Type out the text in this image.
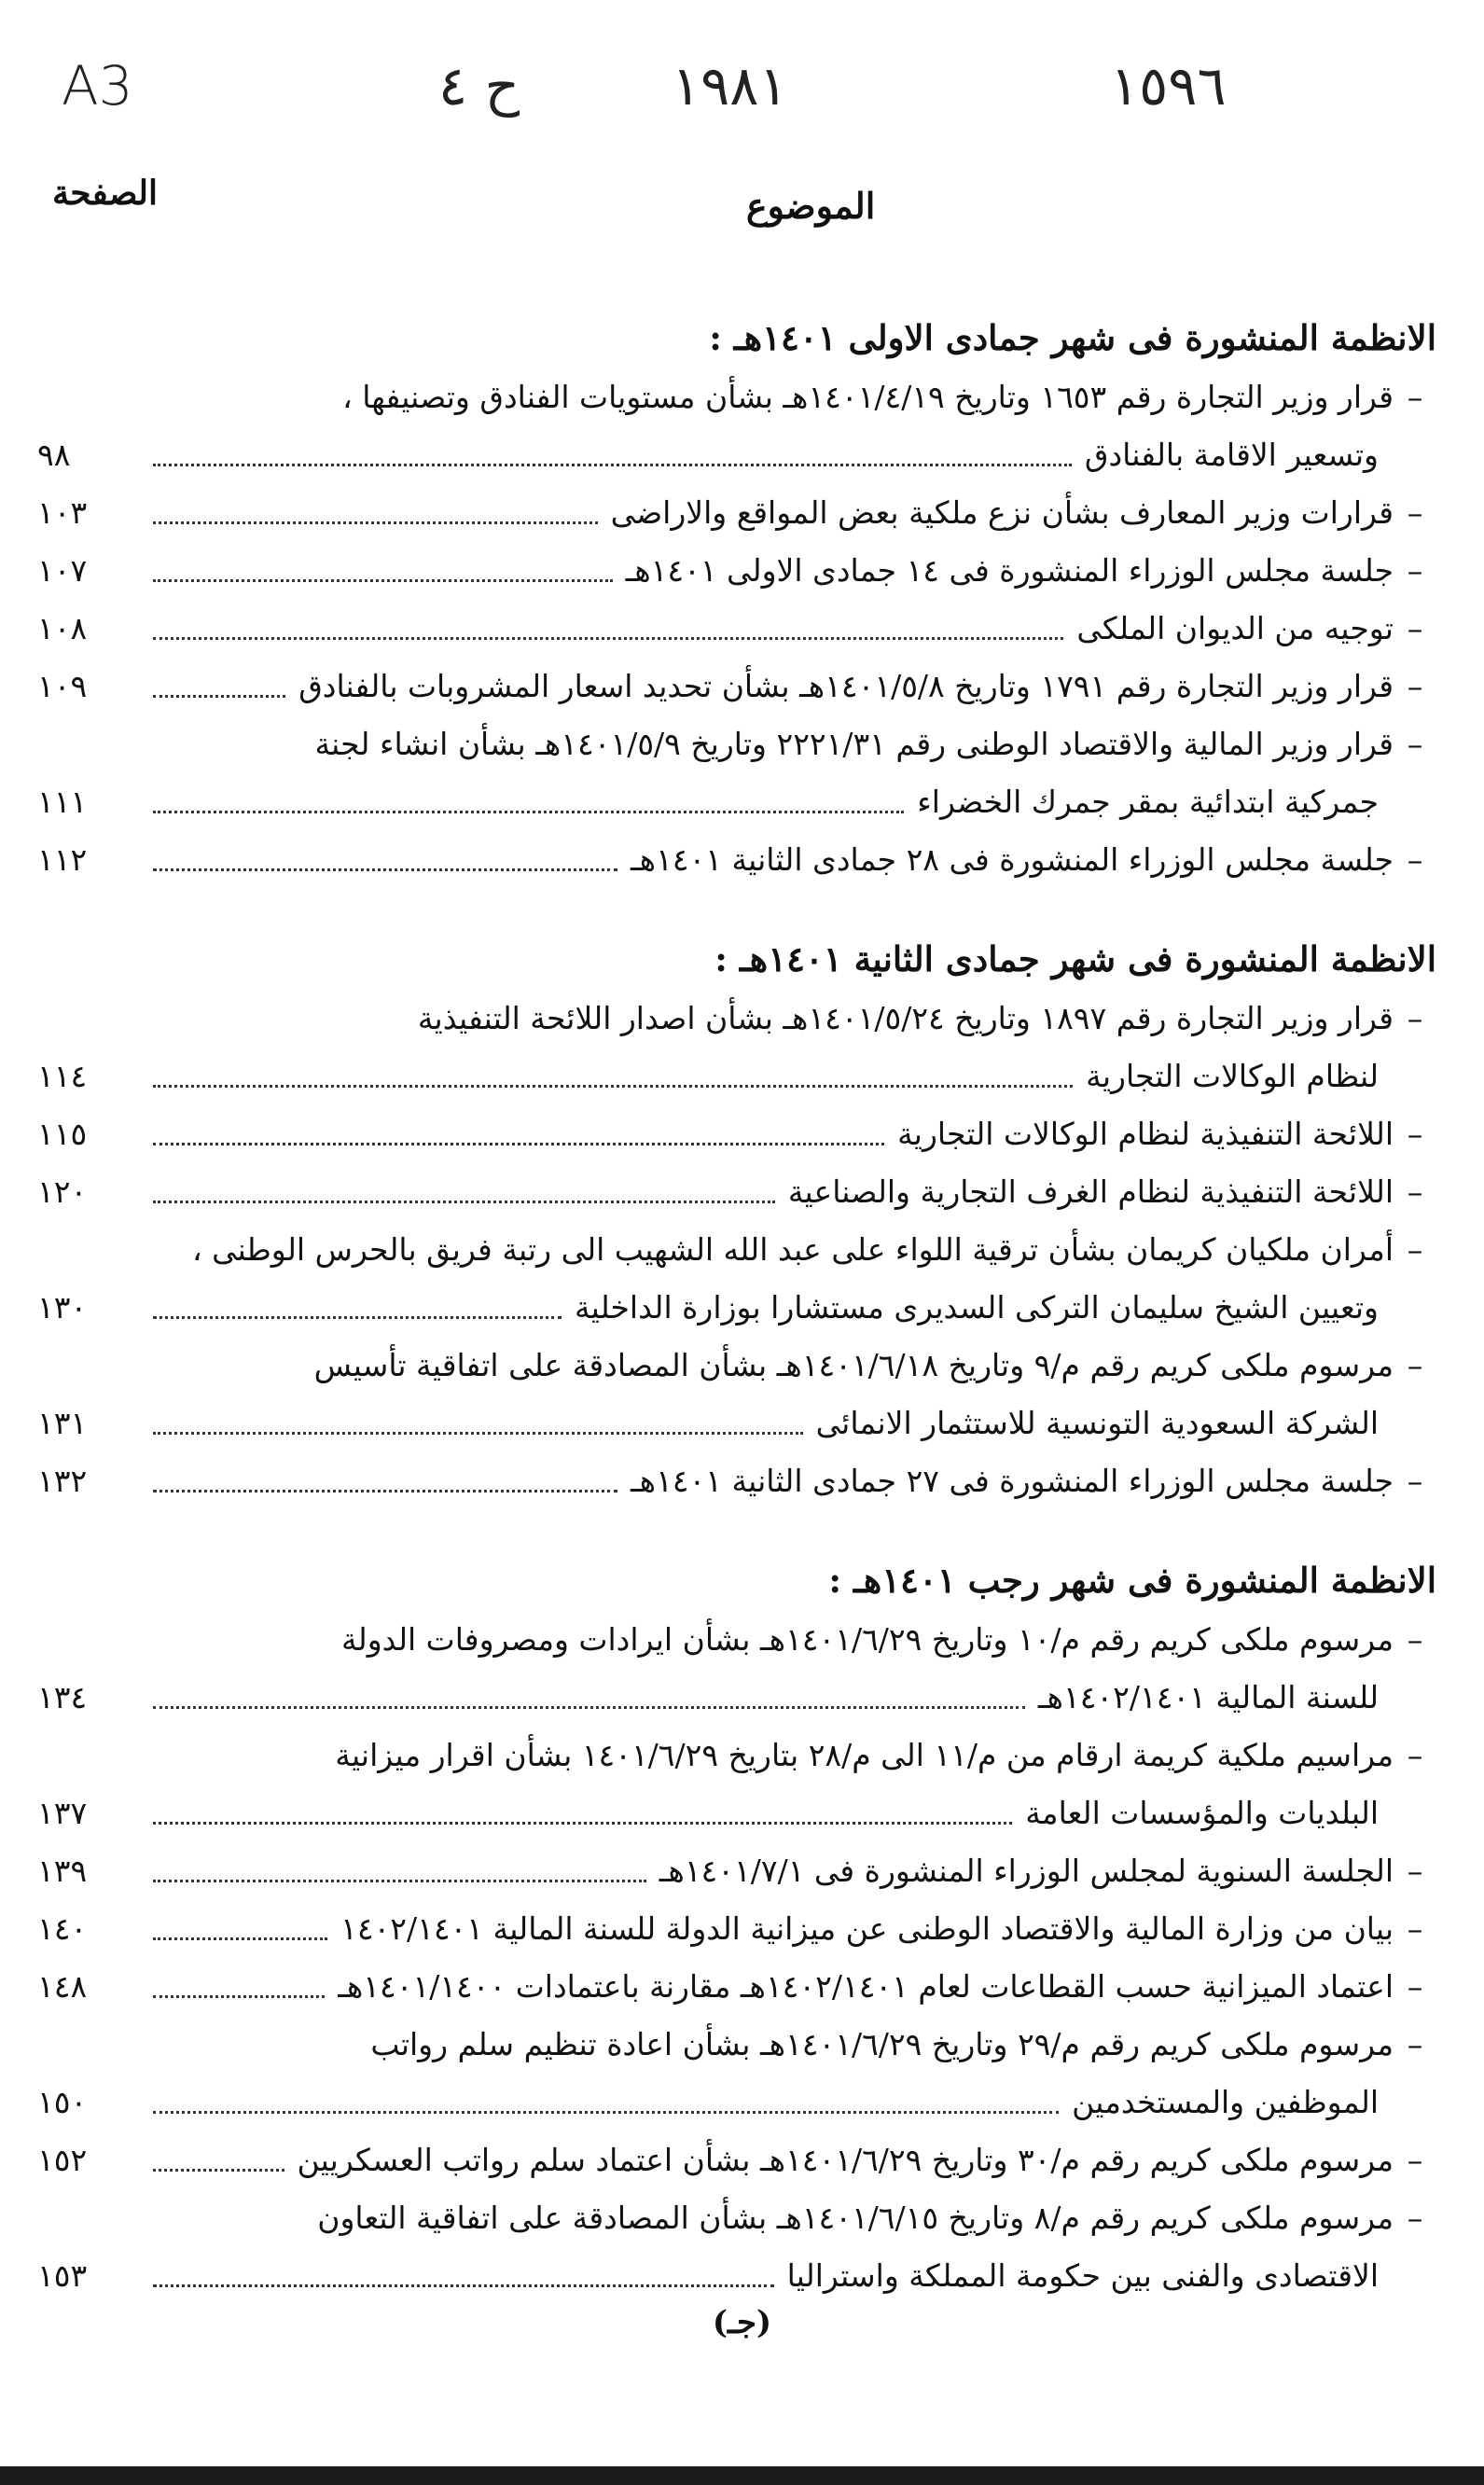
A3	ح ٤	١٩٨١	١٥٩٦
الصفحة	الموضوع
الانظمة المنشورة فى شهر جمادى الاولى ١٤٠١هـ :
–
قرار وزير التجارة رقم ١٦٥٣ وتاريخ ١٤٠١/٤/١٩هـ بشأن مستويات الفنادق وتصنيفها ،
وتسعير الاقامة بالفنادق
٩٨
–
قرارات وزير المعارف بشأن نزع ملكية بعض المواقع والاراضى
١٠٣
–
جلسة مجلس الوزراء المنشورة فى ١٤ جمادى الاولى ١٤٠١هـ
١٠٧
–
توجيه من الديوان الملكى
١٠٨
–
قرار وزير التجارة رقم ١٧٩١ وتاريخ ١٤٠١/٥/٨هـ بشأن تحديد اسعار المشروبات بالفنادق
١٠٩
–
قرار وزير المالية والاقتصاد الوطنى رقم ٢٢٢١/٣١ وتاريخ ١٤٠١/٥/٩هـ بشأن انشاء لجنة
جمركية ابتدائية بمقر جمرك الخضراء
١١١
–
جلسة مجلس الوزراء المنشورة فى ٢٨ جمادى الثانية ١٤٠١هـ
١١٢
الانظمة المنشورة فى شهر جمادى الثانية ١٤٠١هـ :
–
قرار وزير التجارة رقم ١٨٩٧ وتاريخ ١٤٠١/٥/٢٤هـ بشأن اصدار اللائحة التنفيذية
لنظام الوكالات التجارية
١١٤
–
اللائحة التنفيذية لنظام الوكالات التجارية
١١٥
–
اللائحة التنفيذية لنظام الغرف التجارية والصناعية
١٢٠
–
أمران ملكيان كريمان بشأن ترقية اللواء على عبد الله الشهيب الى رتبة فريق بالحرس الوطنى ،
وتعيين الشيخ سليمان التركى السديرى مستشارا بوزارة الداخلية
١٣٠
–
مرسوم ملكى كريم رقم م/٩ وتاريخ ١٤٠١/٦/١٨هـ بشأن المصادقة على اتفاقية تأسيس
الشركة السعودية التونسية للاستثمار الانمائى
١٣١
–
جلسة مجلس الوزراء المنشورة فى ٢٧ جمادى الثانية ١٤٠١هـ
١٣٢
الانظمة المنشورة فى شهر رجب ١٤٠١هـ :
–
مرسوم ملكى كريم رقم م/١٠ وتاريخ ١٤٠١/٦/٢٩هـ بشأن ايرادات ومصروفات الدولة
للسنة المالية ١٤٠٢/١٤٠١هـ
١٣٤
–
مراسيم ملكية كريمة ارقام من م/١١ الى م/٢٨ بتاريخ ١٤٠١/٦/٢٩ بشأن اقرار ميزانية
البلديات والمؤسسات العامة
١٣٧
–
الجلسة السنوية لمجلس الوزراء المنشورة فى ١٤٠١/٧/١هـ
١٣٩
–
بيان من وزارة المالية والاقتصاد الوطنى عن ميزانية الدولة للسنة المالية ١٤٠٢/١٤٠١
١٤٠
–
اعتماد الميزانية حسب القطاعات لعام ١٤٠٢/١٤٠١هـ مقارنة باعتمادات ١٤٠١/١٤٠٠هـ
١٤٨
–
مرسوم ملكى كريم رقم م/٢٩ وتاريخ ١٤٠١/٦/٢٩هـ بشأن اعادة تنظيم سلم رواتب
الموظفين والمستخدمين
١٥٠
–
مرسوم ملكى كريم رقم م/٣٠ وتاريخ ١٤٠١/٦/٢٩هـ بشأن اعتماد سلم رواتب العسكريين
١٥٢
–
مرسوم ملكى كريم رقم م/٨ وتاريخ ١٤٠١/٦/١٥هـ بشأن المصادقة على اتفاقية التعاون
الاقتصادى والفنى بين حكومة المملكة واستراليا
١٥٣
(جـ)
